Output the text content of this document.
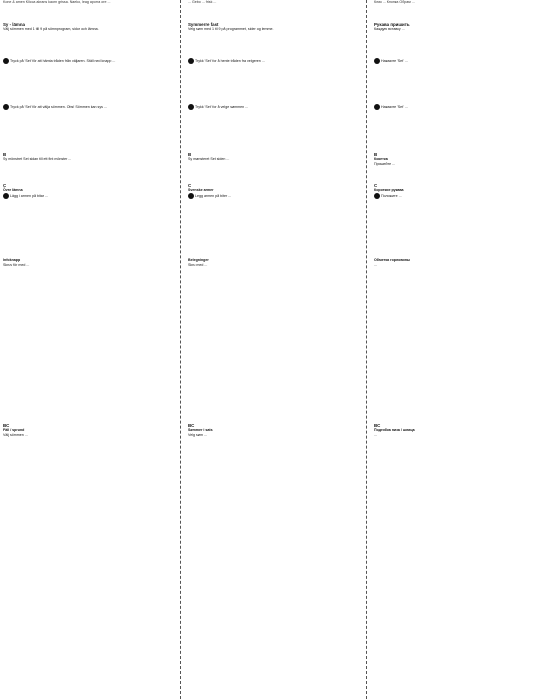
Kone & amen Klicca akrans kaorn grissa. Naeko, leag aporra ore ...
Sy - lämna
Välj sömmen med 1 till 9 på sömnprogram, sidor och lämna.

Tryck på 'Set' för att hämta tråden från väljaren. Ställ ned knapp ...

Tryck på 'Set' för att välja sömmen. Obs! Sömmen kan sys ...

B
Sy mönstret Set sidan till ett fint mönster ...
C
Övre lämna

Lägg i armen på bitar ...

Infoknapp
Skruv för med ...
BC
Fäll / sprund
Välj sömmen ...
... Gebo ... frisk ...
Symmerre fast
Velg søm med 1 til 9 på programmet, sider og lemme.

Trykk 'Set' for å hente tråden fra velgeren ...

Trykk 'Set' for å velge sømmen ...

B
Sy mønsteret Set siden ...
C
Svenske armer

Legg armen på biter ...

Belegninger
Skru med ...
BC
Sømmer i sats
Velg søm ...
Клик ... Кнопка Обрам ...
Рукава пришить
Каждую вставку ...

Нажмите 'Set' ...

Нажмите 'Set' ...

B
Кокетка
Пришейте ...
C
Короткие рукава

Положите ...

Обметка горловины
...
BC
Подгибка низа / шлица
...
